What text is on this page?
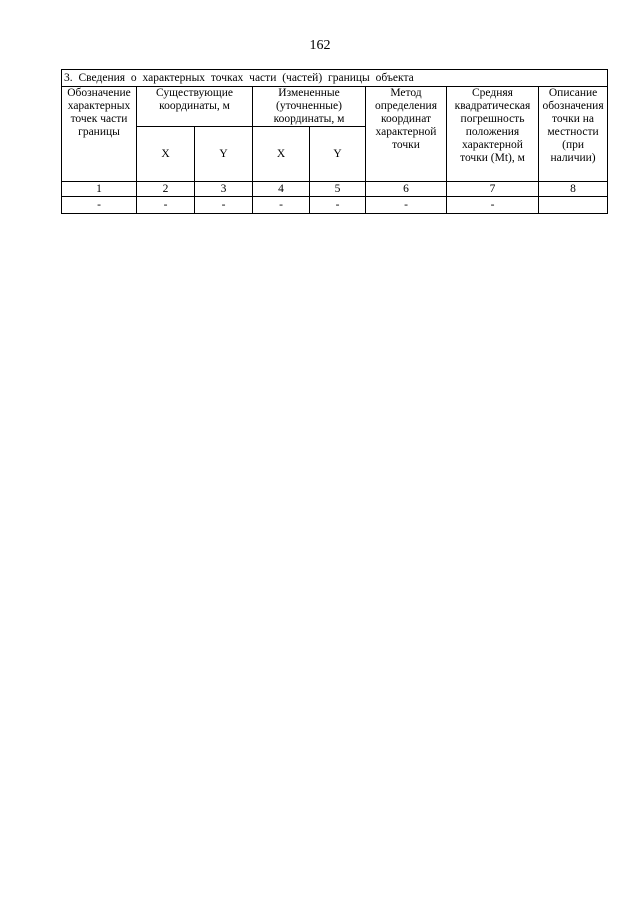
162
3. Сведения о характерных точках части (частей) границы объекта							
Обозначение характерных точек части границы	Существующие координаты, м		Измененные (уточненные) координаты, м		Метод определения координат характерной точки	Средняя квадратическая погрешность положения характерной точки (Mt), м	Описание обозначения точки на местности (при наличии)
	X	Y	X	Y			
1	2	3	4	5	6	7	8
-	-	-	-	-	-	-	
